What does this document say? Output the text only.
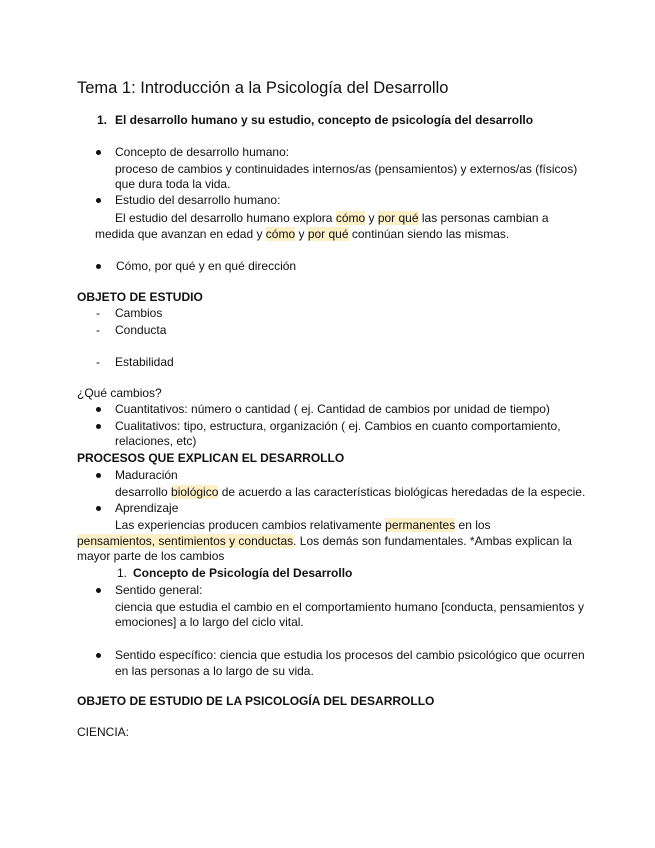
Tema 1: Introducción a la Psicología del Desarrollo
1. El desarrollo humano y su estudio, concepto de psicología del desarrollo
Concepto de desarrollo humano:
proceso de cambios y continuidades internos/as (pensamientos) y externos/as (físicos)
que dura toda la vida.
Estudio del desarrollo humano:
El estudio del desarrollo humano explora cómo y por qué las personas cambian a
medida que avanzan en edad y cómo y por qué continúan siendo las mismas.
Cómo, por qué y en qué dirección
OBJETO DE ESTUDIO
- Cambios
- Conducta
- Estabilidad
¿Qué cambios?
Cuantitativos: número o cantidad ( ej. Cantidad de cambios por unidad de tiempo)
Cualitativos: tipo, estructura, organización ( ej. Cambios en cuanto comportamiento,
relaciones, etc)
PROCESOS QUE EXPLICAN EL DESARROLLO
Maduración
desarrollo biológico de acuerdo a las características biológicas heredadas de la especie.
Aprendizaje
Las experiencias producen cambios relativamente permanentes en los
pensamientos, sentimientos y conductas. Los demás son fundamentales. *Ambas explican la
mayor parte de los cambios
1. Concepto de Psicología del Desarrollo
Sentido general:
ciencia que estudia el cambio en el comportamiento humano [conducta, pensamientos y
emociones] a lo largo del ciclo vital.
Sentido específico: ciencia que estudia los procesos del cambio psicológico que ocurren
en las personas a lo largo de su vida.
OBJETO DE ESTUDIO DE LA PSICOLOGÍA DEL DESARROLLO
CIENCIA:
